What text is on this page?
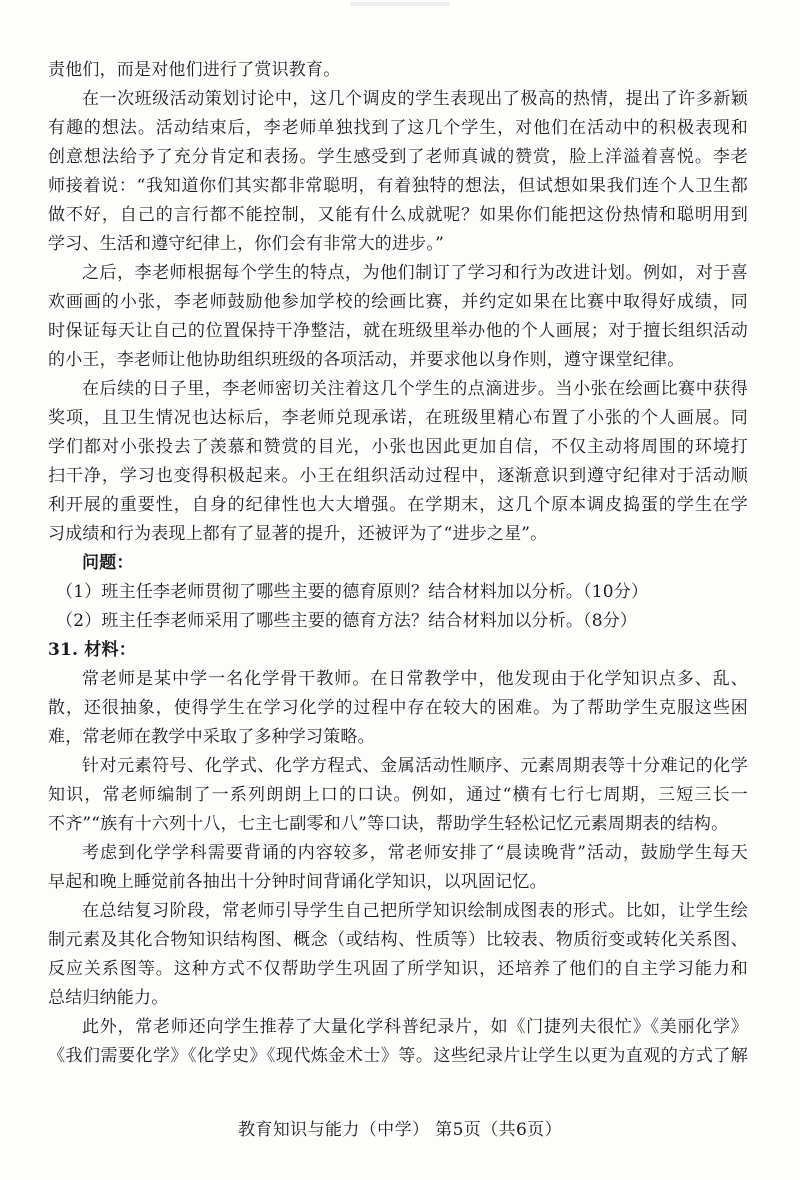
责他们，而是对他们进行了赏识教育。
在一次班级活动策划讨论中，这几个调皮的学生表现出了极高的热情，提出了许多新颖
有趣的想法。活动结束后，李老师单独找到了这几个学生，对他们在活动中的积极表现和
创意想法给予了充分肯定和表扬。学生感受到了老师真诚的赞赏，脸上洋溢着喜悦。李老
师接着说：“我知道你们其实都非常聪明，有着独特的想法，但试想如果我们连个人卫生都
做不好，自己的言行都不能控制，又能有什么成就呢？如果你们能把这份热情和聪明用到
学习、生活和遵守纪律上，你们会有非常大的进步。”
之后，李老师根据每个学生的特点，为他们制订了学习和行为改进计划。例如，对于喜
欢画画的小张，李老师鼓励他参加学校的绘画比赛，并约定如果在比赛中取得好成绩，同
时保证每天让自己的位置保持干净整洁，就在班级里举办他的个人画展；对于擅长组织活动
的小王，李老师让他协助组织班级的各项活动，并要求他以身作则，遵守课堂纪律。
在后续的日子里，李老师密切关注着这几个学生的点滴进步。当小张在绘画比赛中获得
奖项，且卫生情况也达标后，李老师兑现承诺，在班级里精心布置了小张的个人画展。同
学们都对小张投去了羡慕和赞赏的目光，小张也因此更加自信，不仅主动将周围的环境打
扫干净，学习也变得积极起来。小王在组织活动过程中，逐渐意识到遵守纪律对于活动顺
利开展的重要性，自身的纪律性也大大增强。在学期末，这几个原本调皮捣蛋的学生在学
习成绩和行为表现上都有了显著的提升，还被评为了“进步之星”。
问题：
（1）班主任李老师贯彻了哪些主要的德育原则？结合材料加以分析。（10分）
（2）班主任李老师采用了哪些主要的德育方法？结合材料加以分析。（8分）
31. 材料：
常老师是某中学一名化学骨干教师。在日常教学中，他发现由于化学知识点多、乱、
散，还很抽象，使得学生在学习化学的过程中存在较大的困难。为了帮助学生克服这些困
难，常老师在教学中采取了多种学习策略。
针对元素符号、化学式、化学方程式、金属活动性顺序、元素周期表等十分难记的化学
知识，常老师编制了一系列朗朗上口的口诀。例如，通过“横有七行七周期，三短三长一
不齐”“族有十六列十八，七主七副零和八”等口诀，帮助学生轻松记忆元素周期表的结构。
考虑到化学学科需要背诵的内容较多，常老师安排了“晨读晚背”活动，鼓励学生每天
早起和晚上睡觉前各抽出十分钟时间背诵化学知识，以巩固记忆。
在总结复习阶段，常老师引导学生自己把所学知识绘制成图表的形式。比如，让学生绘
制元素及其化合物知识结构图、概念（或结构、性质等）比较表、物质衍变或转化关系图、
反应关系图等。这种方式不仅帮助学生巩固了所学知识，还培养了他们的自主学习能力和
总结归纳能力。
此外，常老师还向学生推荐了大量化学科普纪录片，如《门捷列夫很忙》《美丽化学》
《我们需要化学》《化学史》《现代炼金术士》等。这些纪录片让学生以更为直观的方式了解
教育知识与能力（中学） 第5页（共6页）
